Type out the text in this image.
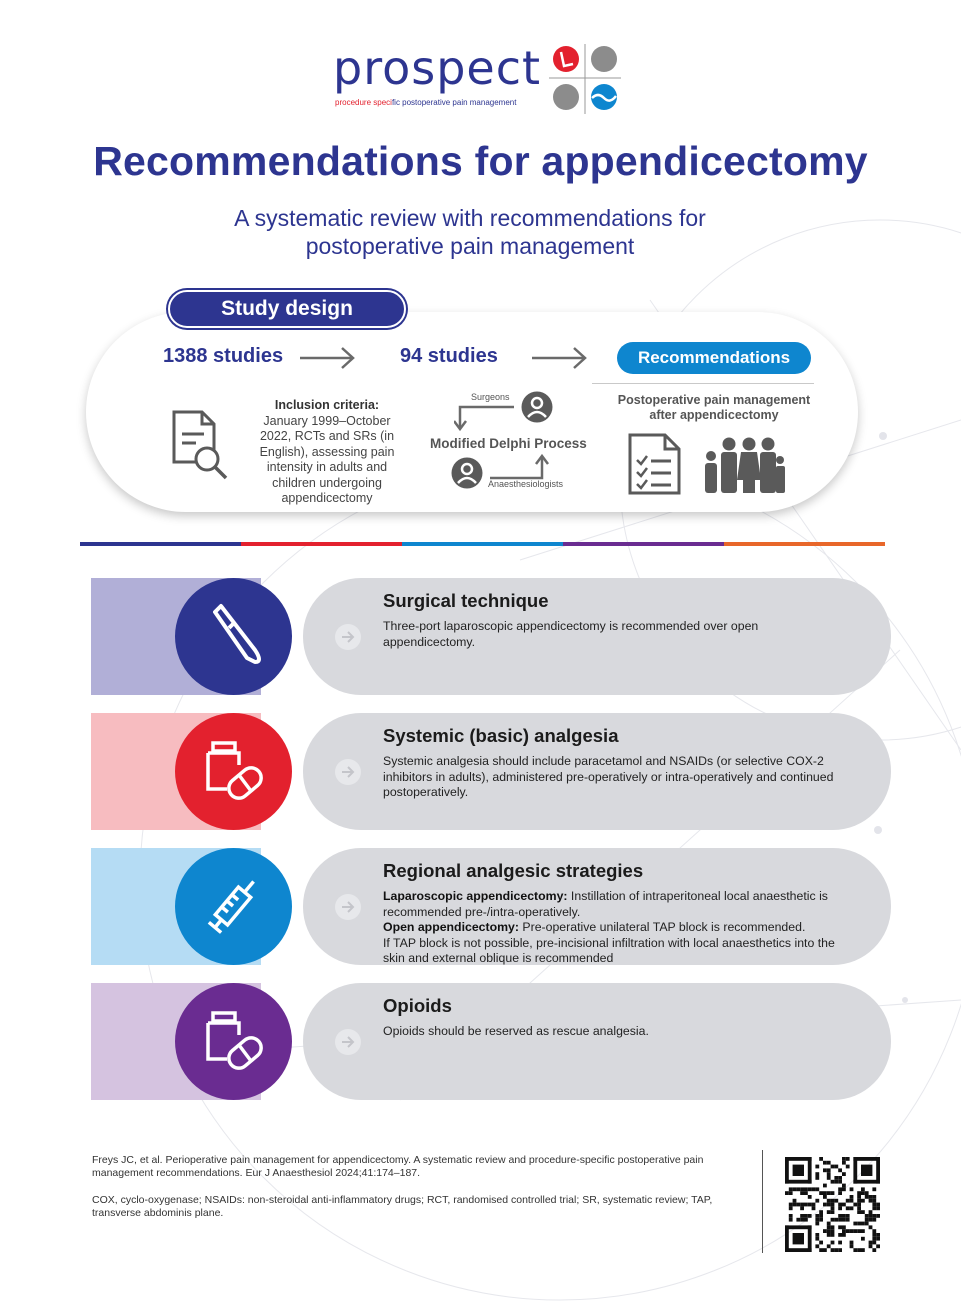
prospect
procedure specific postoperative pain management
Recommendations for appendicectomy
A systematic review with recommendations for postoperative pain management
Study design
1388 studies	94 studies	Recommendations
Inclusion criteria:
January 1999–October 2022, RCTs and SRs (in English), assessing pain intensity in adults and children undergoing appendicectomy
Surgeons
Modified Delphi Process
Anaesthesiologists
Postoperative pain management after appendicectomy
Surgical technique
Three-port laparoscopic appendicectomy is recommended over open appendicectomy.
Systemic (basic) analgesia
Systemic analgesia should include paracetamol and NSAIDs (or selective COX-2 inhibitors in adults), administered pre-operatively or intra-operatively and continued postoperatively.
Regional analgesic strategies
Laparoscopic appendicectomy: Instillation of intraperitoneal local anaesthetic is recommended pre-/intra-operatively.
Open appendicectomy: Pre-operative unilateral TAP block is recommended.
If TAP block is not possible, pre-incisional infiltration with local anaesthetics into the skin and external oblique is recommended
Opioids
Opioids should be reserved as rescue analgesia.
Freys JC, et al. Perioperative pain management for appendicectomy. A systematic review and procedure-specific postoperative pain management recommendations. Eur J Anaesthesiol 2024;41:174–187.
COX, cyclo-oxygenase; NSAIDs: non-steroidal anti-inflammatory drugs; RCT, randomised controlled trial; SR, systematic review; TAP, transverse abdominis plane.
